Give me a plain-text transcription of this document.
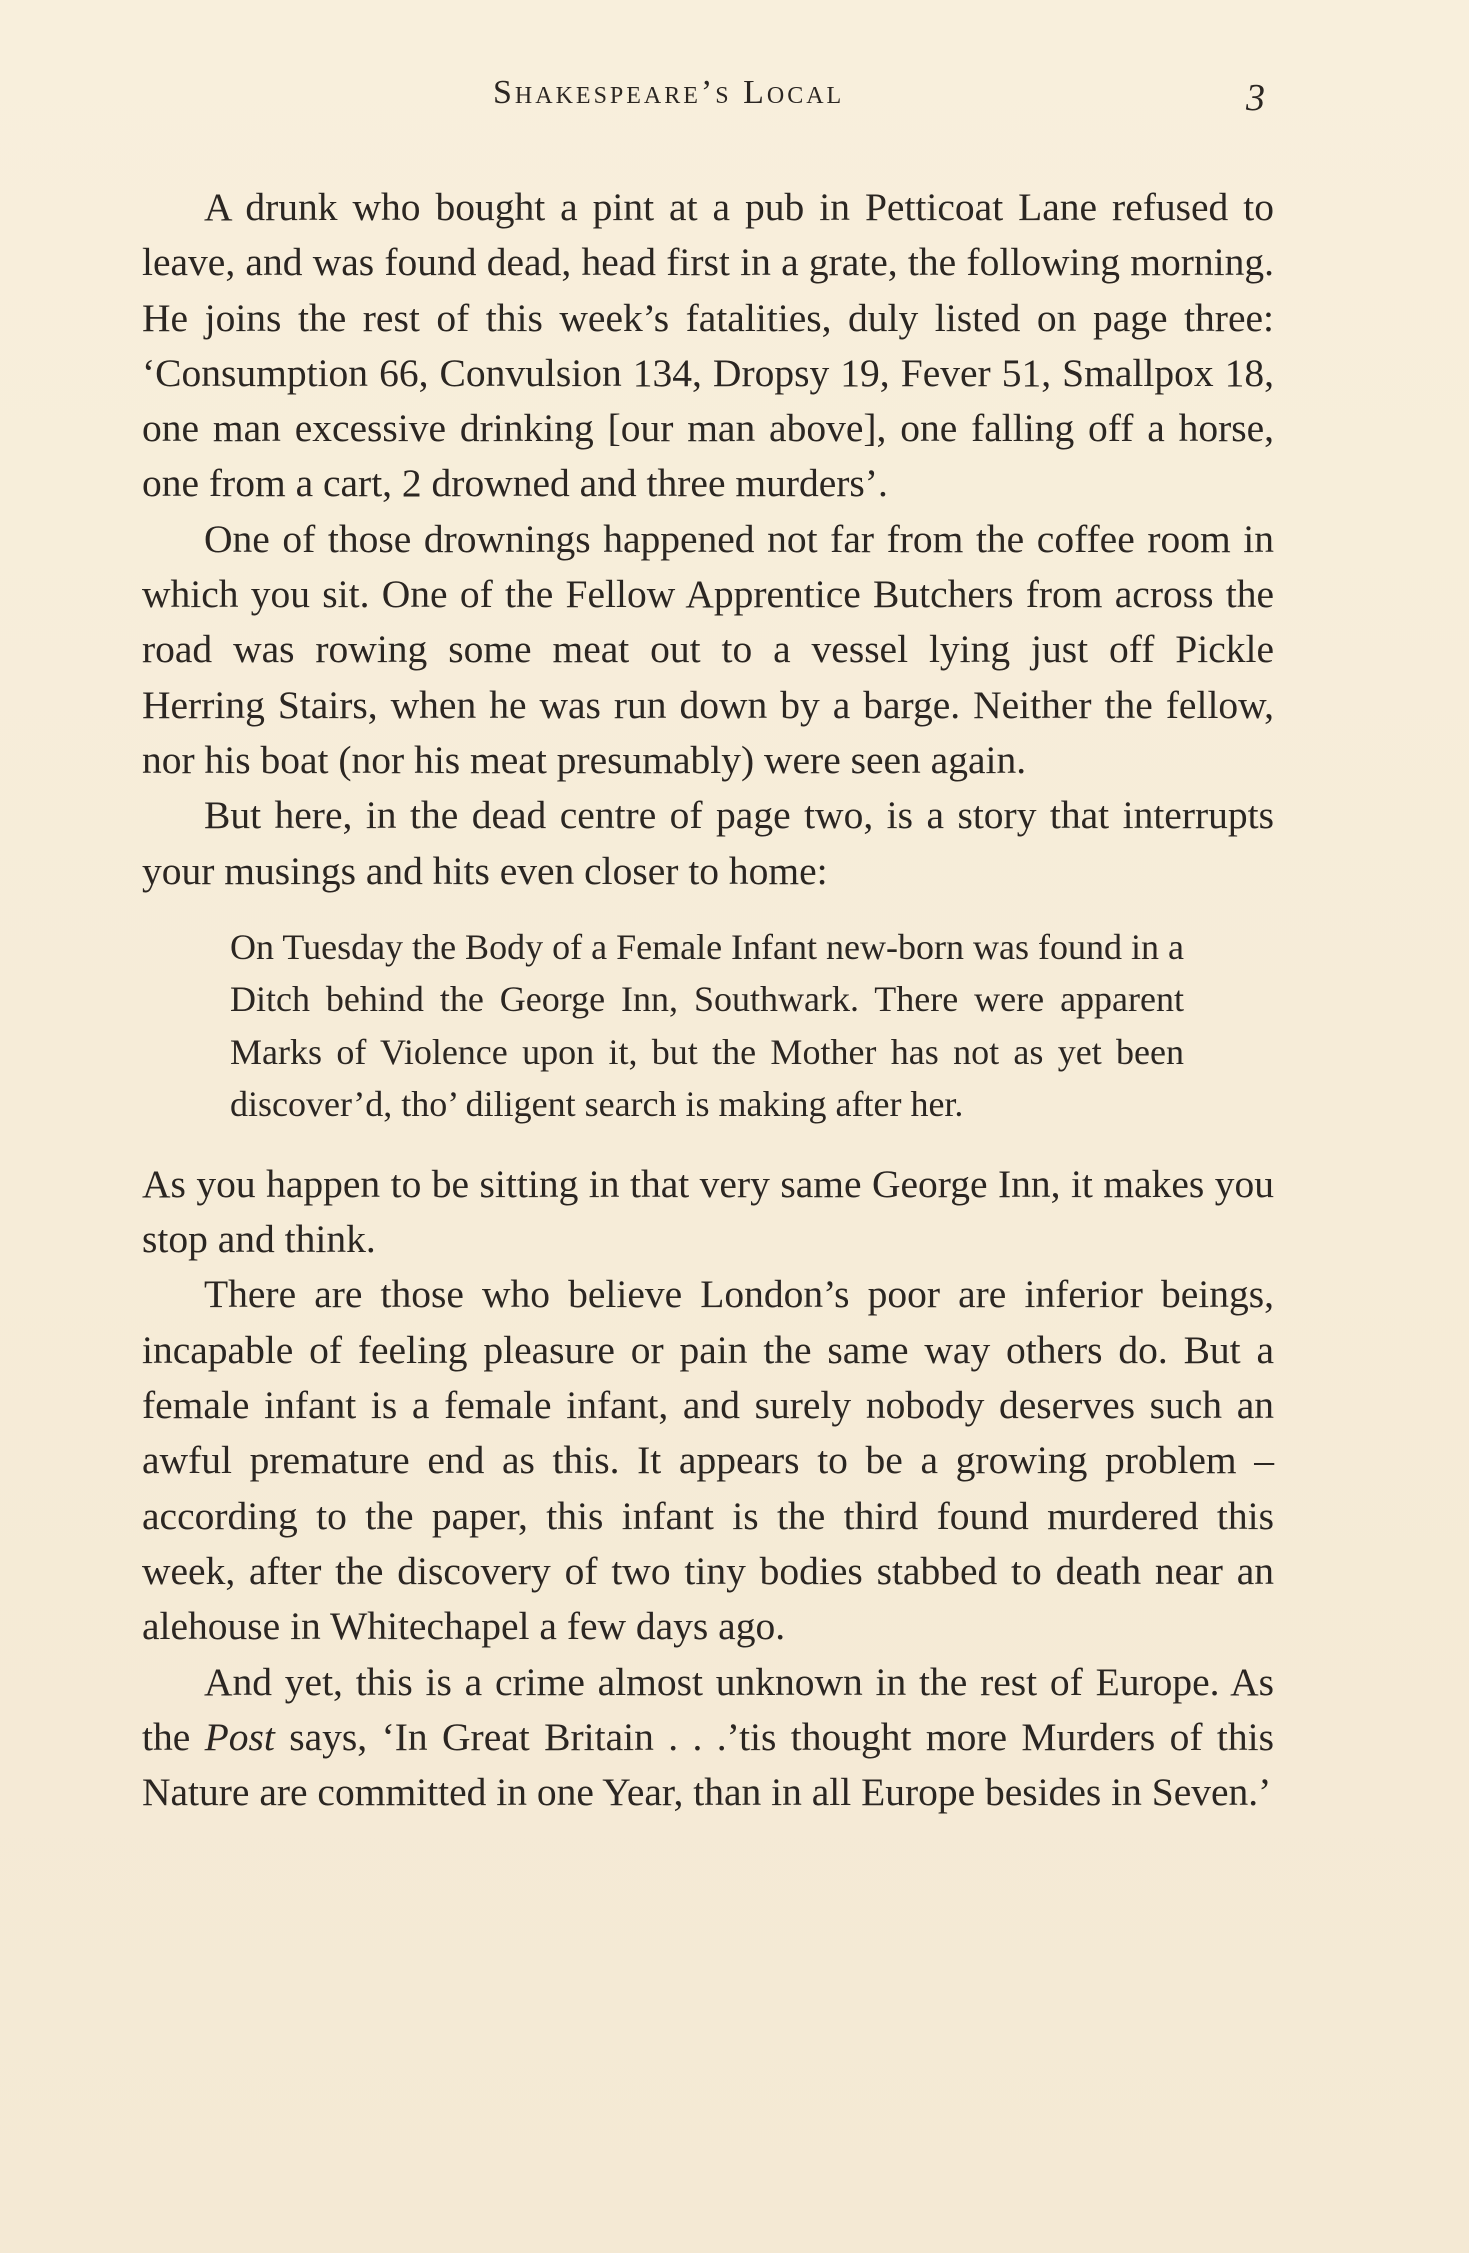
Shakespeare’s Local	3

A drunk who bought a pint at a pub in Petticoat Lane refused to leave, and was found dead, head first in a grate, the following morning. He joins the rest of this week’s fatalities, duly listed on page three: ‘Consumption 66, Convulsion 134, Dropsy 19, Fever 51, Smallpox 18, one man excessive drinking [our man above], one falling off a horse, one from a cart, 2 drowned and three murders’.

One of those drownings happened not far from the coffee room in which you sit. One of the Fellow Apprentice Butchers from across the road was rowing some meat out to a vessel lying just off Pickle Herring Stairs, when he was run down by a barge. Neither the fellow, nor his boat (nor his meat presumably) were seen again.

But here, in the dead centre of page two, is a story that interrupts your musings and hits even closer to home:

On Tuesday the Body of a Female Infant new-born was found in a Ditch behind the George Inn, Southwark. There were apparent Marks of Violence upon it, but the Mother has not as yet been discover’d, tho’ diligent search is making after her.

As you happen to be sitting in that very same George Inn, it makes you stop and think.

There are those who believe London’s poor are inferior beings, incapable of feeling pleasure or pain the same way others do. But a female infant is a female infant, and surely nobody deserves such an awful premature end as this. It appears to be a growing problem – according to the paper, this infant is the third found murdered this week, after the discovery of two tiny bodies stabbed to death near an alehouse in Whitechapel a few days ago.

And yet, this is a crime almost unknown in the rest of Europe. As the Post says, ‘In Great Britain . . .’tis thought more Murders of this Nature are committed in one Year, than in all Europe besides in Seven.’
